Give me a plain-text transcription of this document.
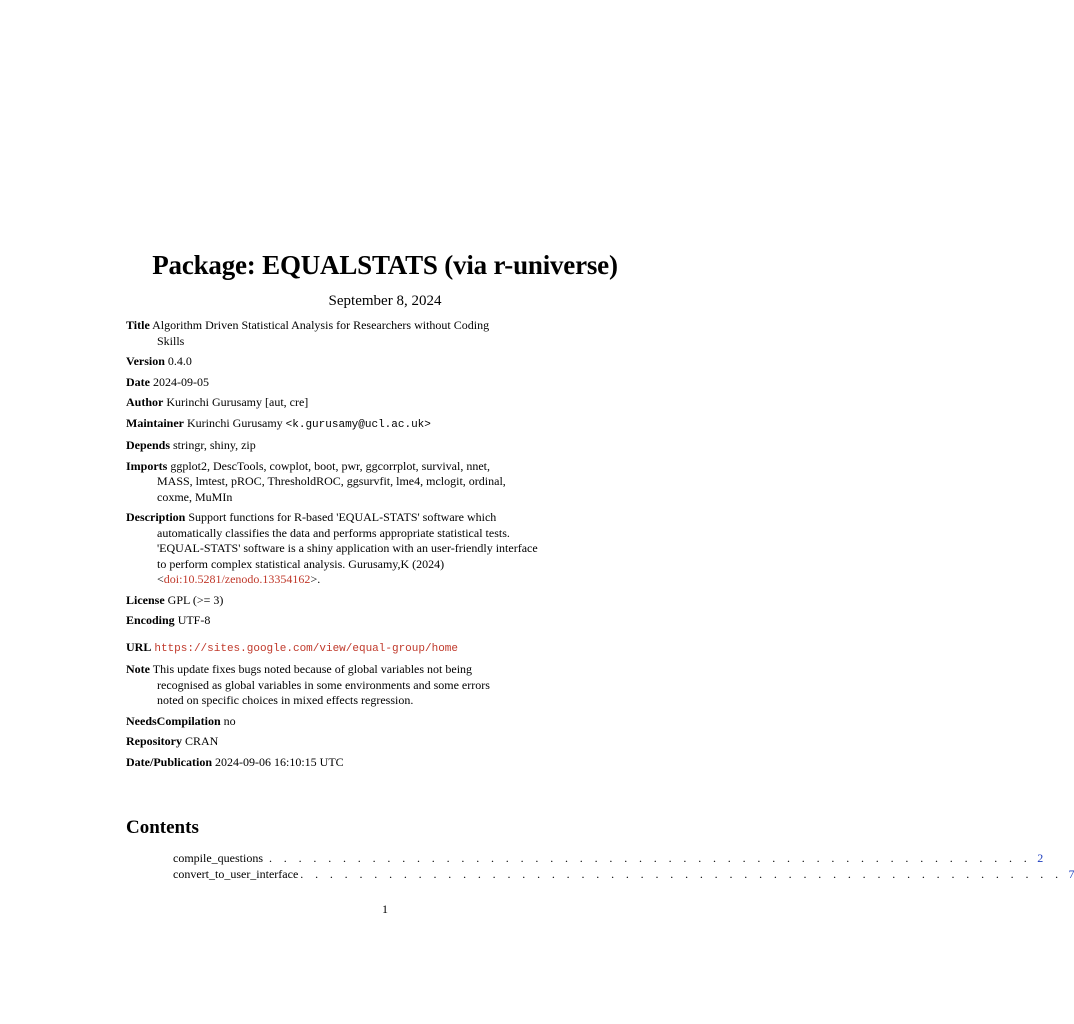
Package: EQUALSTATS (via r-universe)
September 8, 2024
Title Algorithm Driven Statistical Analysis for Researchers without Coding Skills
Version 0.4.0
Date 2024-09-05
Author Kurinchi Gurusamy [aut, cre]
Maintainer Kurinchi Gurusamy <k.gurusamy@ucl.ac.uk>
Depends stringr, shiny, zip
Imports ggplot2, DescTools, cowplot, boot, pwr, ggcorrplot, survival, nnet, MASS, lmtest, pROC, ThresholdROC, ggsurvfit, lme4, mclogit, ordinal, coxme, MuMIn
Description Support functions for R-based 'EQUAL-STATS' software which automatically classifies the data and performs appropriate statistical tests. 'EQUAL-STATS' software is a shiny application with an user-friendly interface to perform complex statistical analysis. Gurusamy,K (2024)<doi:10.5281/zenodo.13354162>.
License GPL (>= 3)
Encoding UTF-8
URL https://sites.google.com/view/equal-group/home
Note This update fixes bugs noted because of global variables not being recognised as global variables in some environments and some errors noted on specific choices in mixed effects regression.
NeedsCompilation no
Repository CRAN
Date/Publication 2024-09-06 16:10:15 UTC
Contents
compile_questions . . . . . . . . . . . . . . . . . . . . . . . . . . . . . . . . . . . . . . . . . . . . . . . . . . . . 2
convert_to_user_interface . . . . . . . . . . . . . . . . . . . . . . . . . . . . . . . . . . . . . . . . . . . . . . . . . . . . 7
1
